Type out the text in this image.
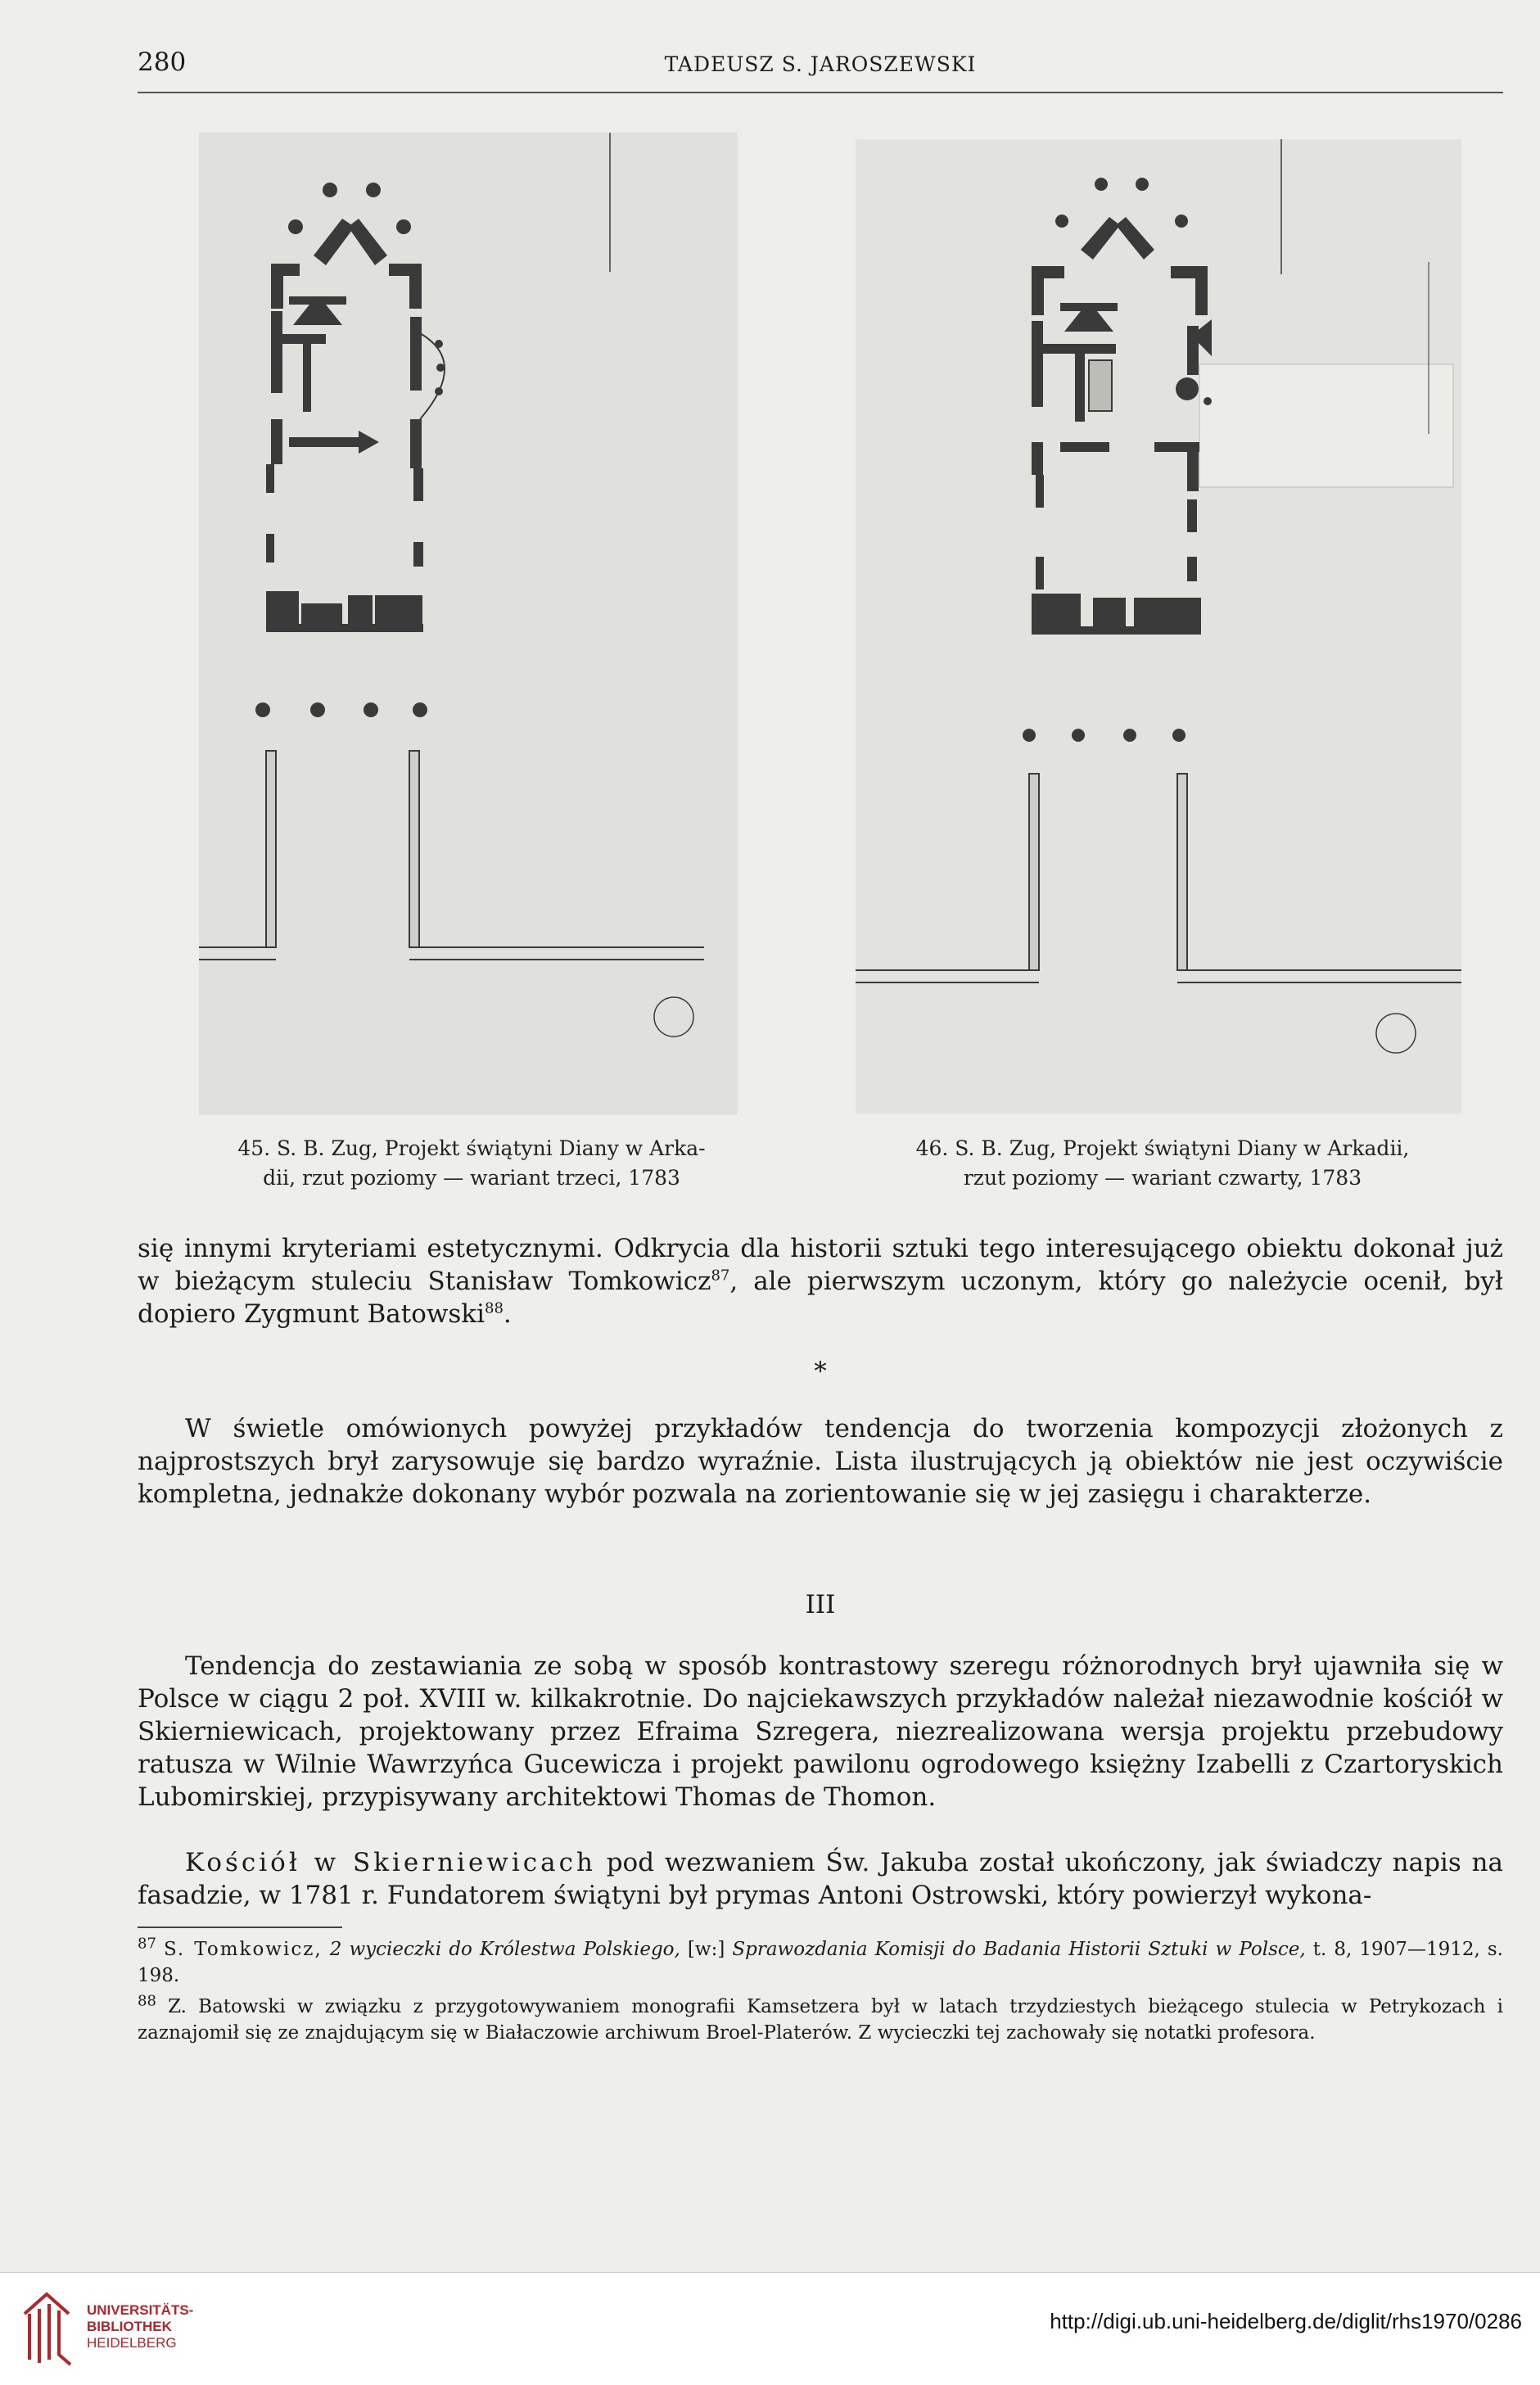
280	TADEUSZ S. JAROSZEWSKI
45. S. B. Zug, Projekt świątyni Diany w Arka-
dii, rzut poziomy — wariant trzeci, 1783
46. S. B. Zug, Projekt świątyni Diany w Arkadii,
rzut poziomy — wariant czwarty, 1783

się innymi kryteriami estetycznymi. Odkrycia dla historii sztuki tego interesującego obiektu dokonał już w bieżącym stuleciu Stanisław Tomkowicz$^{87}$, ale pierwszym uczonym, który go należycie ocenił, był dopiero Zygmunt Batowski$^{88}$.

*

W świetle omówionych powyżej przykładów tendencja do tworzenia kompozycji złożonych z najprostszych brył zarysowuje się bardzo wyraźnie. Lista ilustrujących ją obiektów nie jest oczywiście kompletna, jednakże dokonany wybór pozwala na zorientowanie się w jej zasięgu i charakterze.

III

Tendencja do zestawiania ze sobą w sposób kontrastowy szeregu różnorodnych brył ujawniła się w Polsce w ciągu 2 poł. XVIII w. kilkakrotnie. Do najciekawszych przykładów należał niezawodnie kościół w Skierniewicach, projektowany przez Efraima Szregera, niezrealizowana wersja projektu przebudowy ratusza w Wilnie Wawrzyńca Gucewicza i projekt pawilonu ogrodowego księżny Izabelli z Czartoryskich Lubomirskiej, przypisywany architektowi Thomas de Thomon.

Kościół w Skierniewicach pod wezwaniem Św. Jakuba został ukończony, jak świadczy napis na fasadzie, w 1781 r. Fundatorem świątyni był prymas Antoni Ostrowski, który powierzył wykona-

$^{87}$ S. Tomkowicz, 2 wycieczki do Królestwa Polskiego, [w:] Sprawozdania Komisji do Badania Historii Sztuki w Polsce, t. 8, 1907—1912, s. 198.

$^{88}$ Z. Batowski w związku z przygotowywaniem monografii Kamsetzera był w latach trzydziestych bieżącego stulecia w Petrykozach i zaznajomił się ze znajdującym się w Białaczowie archiwum Broel-Platerów. Z wycieczki tej zachowały się notatki profesora.

UNIVERSITÄTS-
BIBLIOTHEK
HEIDELBERG
http://digi.ub.uni-heidelberg.de/diglit/rhs1970/0286
